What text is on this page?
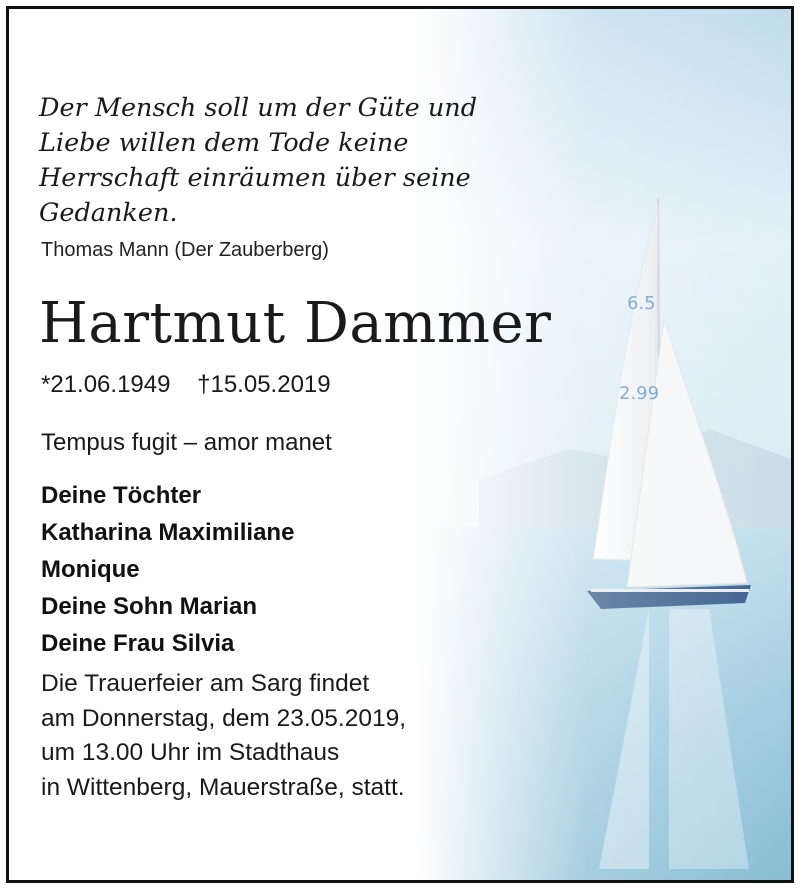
Der Mensch soll um der Güte und
Liebe willen dem Tode keine
Herrschaft einräumen über seine
Gedanken.
Thomas Mann (Der Zauberberg)
Hartmut Dammer
*21.06.1949 †15.05.2019
Tempus fugit – amor manet
Deine Töchter
Katharina Maximiliane
Monique
Deine Sohn Marian
Deine Frau Silvia
Die Trauerfeier am Sarg findet
am Donnerstag, dem 23.05.2019,
um 13.00 Uhr im Stadthaus
in Wittenberg, Mauerstraße, statt.
